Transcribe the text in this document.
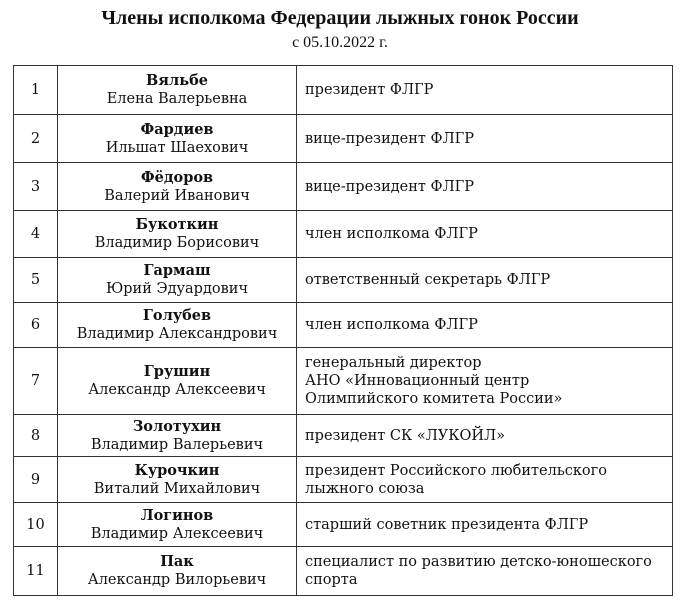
Члены исполкома Федерации лыжных гонок России
с 05.10.2022 г.
1	Вяльбе
Елена Валерьевна	президент ФЛГР

2	Фардиев
Ильшат Шаехович	вице-президент ФЛГР

3	Фёдоров
Валерий Иванович	вице-президент ФЛГР

4	Букоткин
Владимир Борисович	член исполкома ФЛГР

5	Гармаш
Юрий Эдуардович	ответственный секретарь ФЛГР

6	Голубев
Владимир Александрович	член исполкома ФЛГР

7	Грушин
Александр Алексеевич	генеральный директор
АНО «Инновационный центр
Олимпийского комитета России»

8	Золотухин
Владимир Валерьевич	президент СК «ЛУКОЙЛ»

9	Курочкин
Виталий Михайлович	президент Российского любительского
лыжного союза

10	Логинов
Владимир Алексеевич	старший советник президента ФЛГР

11	Пак
Александр Вилорьевич	специалист по развитию детско-юношеского
спорта
